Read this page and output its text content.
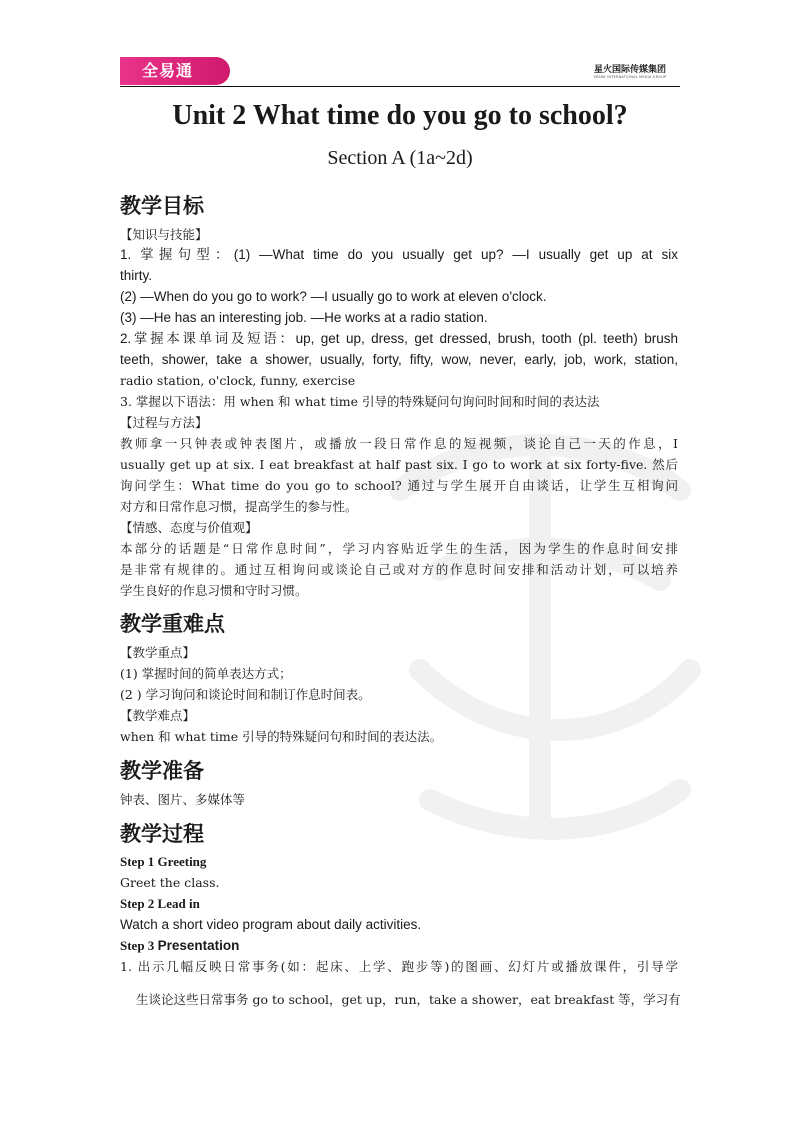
全易通	星火国际传媒集团
SPARK INTERNATIONAL MEDIA GROUP
Unit 2 What time do you go to school?
Section A (1a~2d)
教学目标
【知识与技能】
1. 掌握句型：(1) —What time do you usually get up? —I usually get up at six
thirty.
(2) —When do you go to work? —I usually go to work at eleven o'clock.
(3) —He has an interesting job. —He works at a radio station.
2.掌握本课单词及短语：up, get up, dress, get dressed, brush, tooth (pl. teeth) brush
teeth, shower, take a shower, usually, forty, fifty, wow, never, early, job, work, station,
radio station, o'clock, funny, exercise
3. 掌握以下语法：用 when 和 what time 引导的特殊疑问句询问时间和时间的表达法
【过程与方法】
教师拿一只钟表或钟表图片，或播放一段日常作息的短视频，谈论自己一天的作息，I
usually get up at six. I eat breakfast at half past six. I go to work at six forty-five. 然后
询问学生：What time do you go to school? 通过与学生展开自由谈话，让学生互相询问
对方和日常作息习惯，提高学生的参与性。
【情感、态度与价值观】
本部分的话题是“日常作息时间”，学习内容贴近学生的生活，因为学生的作息时间安排
是非常有规律的。通过互相询问或谈论自己或对方的作息时间安排和活动计划，可以培养
学生良好的作息习惯和守时习惯。
教学重难点
【教学重点】
(1) 掌握时间的简单表达方式；
(2 ) 学习询问和谈论时间和制订作息时间表。
【教学难点】
when 和 what time 引导的特殊疑问句和时间的表达法。
教学准备
钟表、图片、多媒体等
教学过程
Step 1 Greeting
Greet the class.
Step 2 Lead in
Watch a short video program about daily activities.
Step 3 Presentation
1. 出示几幅反映日常事务(如：起床、上学、跑步等)的图画、幻灯片或播放课件，引导学
生谈论这些日常事务 go to school，get up，run，take a shower，eat breakfast 等，学习有
